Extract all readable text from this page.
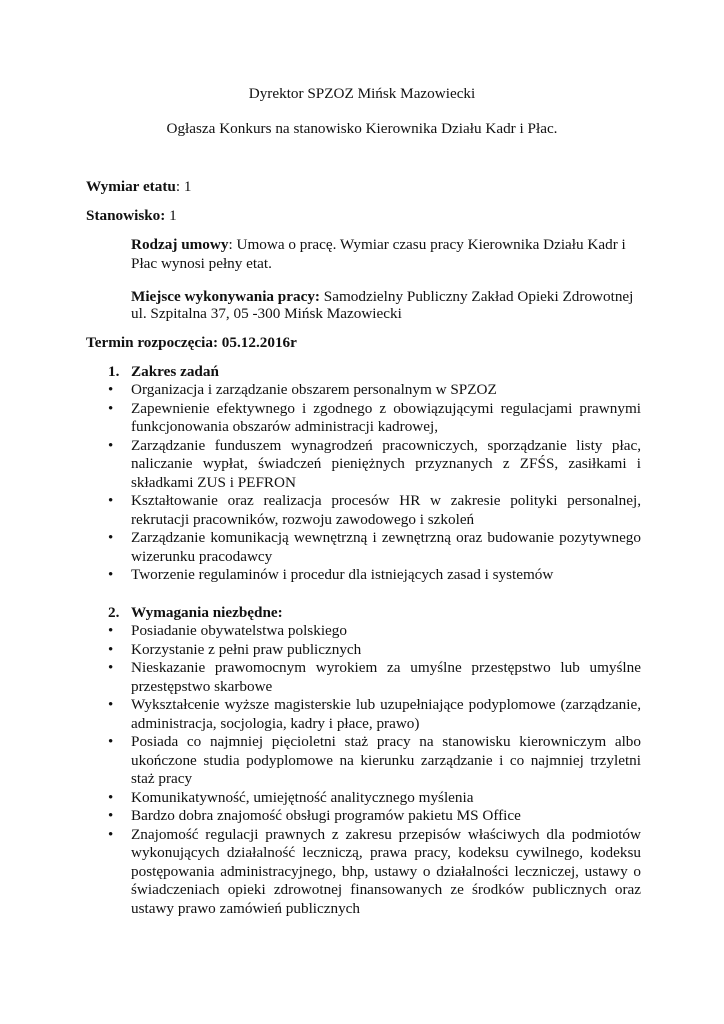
Dyrektor SPZOZ Mińsk Mazowiecki

Ogłasza Konkurs na stanowisko Kierownika Działu Kadr i Płac.

Wymiar etatu: 1

Stanowisko: 1

Rodzaj umowy: Umowa o pracę. Wymiar czasu pracy Kierownika Działu Kadr i Płac wynosi pełny etat.

Miejsce wykonywania pracy: Samodzielny Publiczny Zakład Opieki Zdrowotnej

ul. Szpitalna 37, 05 -300 Mińsk Mazowiecki

Termin rozpoczęcia: 05.12.2016r

1. Zakres zadań
• Organizacja i zarządzanie obszarem personalnym w SPZOZ
• Zapewnienie efektywnego i zgodnego z obowiązującymi regulacjami prawnymi funkcjonowania obszarów administracji kadrowej,
• Zarządzanie funduszem wynagrodzeń pracowniczych, sporządzanie listy płac, naliczanie wypłat, świadczeń pieniężnych przyznanych z ZFŚS, zasiłkami i składkami ZUS i PEFRON
• Kształtowanie oraz realizacja procesów HR w zakresie polityki personalnej, rekrutacji pracowników, rozwoju zawodowego i szkoleń
• Zarządzanie komunikacją wewnętrzną i zewnętrzną oraz budowanie pozytywnego wizerunku pracodawcy
• Tworzenie regulaminów i procedur dla istniejących zasad i systemów
2. Wymagania niezbędne:
• Posiadanie obywatelstwa polskiego
• Korzystanie z pełni praw publicznych
• Nieskazanie prawomocnym wyrokiem za umyślne przestępstwo lub umyślne przestępstwo skarbowe
• Wykształcenie wyższe magisterskie lub uzupełniające podyplomowe (zarządzanie, administracja, socjologia, kadry i płace, prawo)
• Posiada co najmniej pięcioletni staż pracy na stanowisku kierowniczym albo ukończone studia podyplomowe na kierunku zarządzanie i co najmniej trzyletni staż pracy
• Komunikatywność, umiejętność analitycznego myślenia
• Bardzo dobra znajomość obsługi programów pakietu MS Office
• Znajomość regulacji prawnych z zakresu przepisów właściwych dla podmiotów wykonujących działalność leczniczą, prawa pracy, kodeksu cywilnego, kodeksu postępowania administracyjnego, bhp, ustawy o działalności leczniczej, ustawy o świadczeniach opieki zdrowotnej finansowanych ze środków publicznych oraz ustawy prawo zamówień publicznych
